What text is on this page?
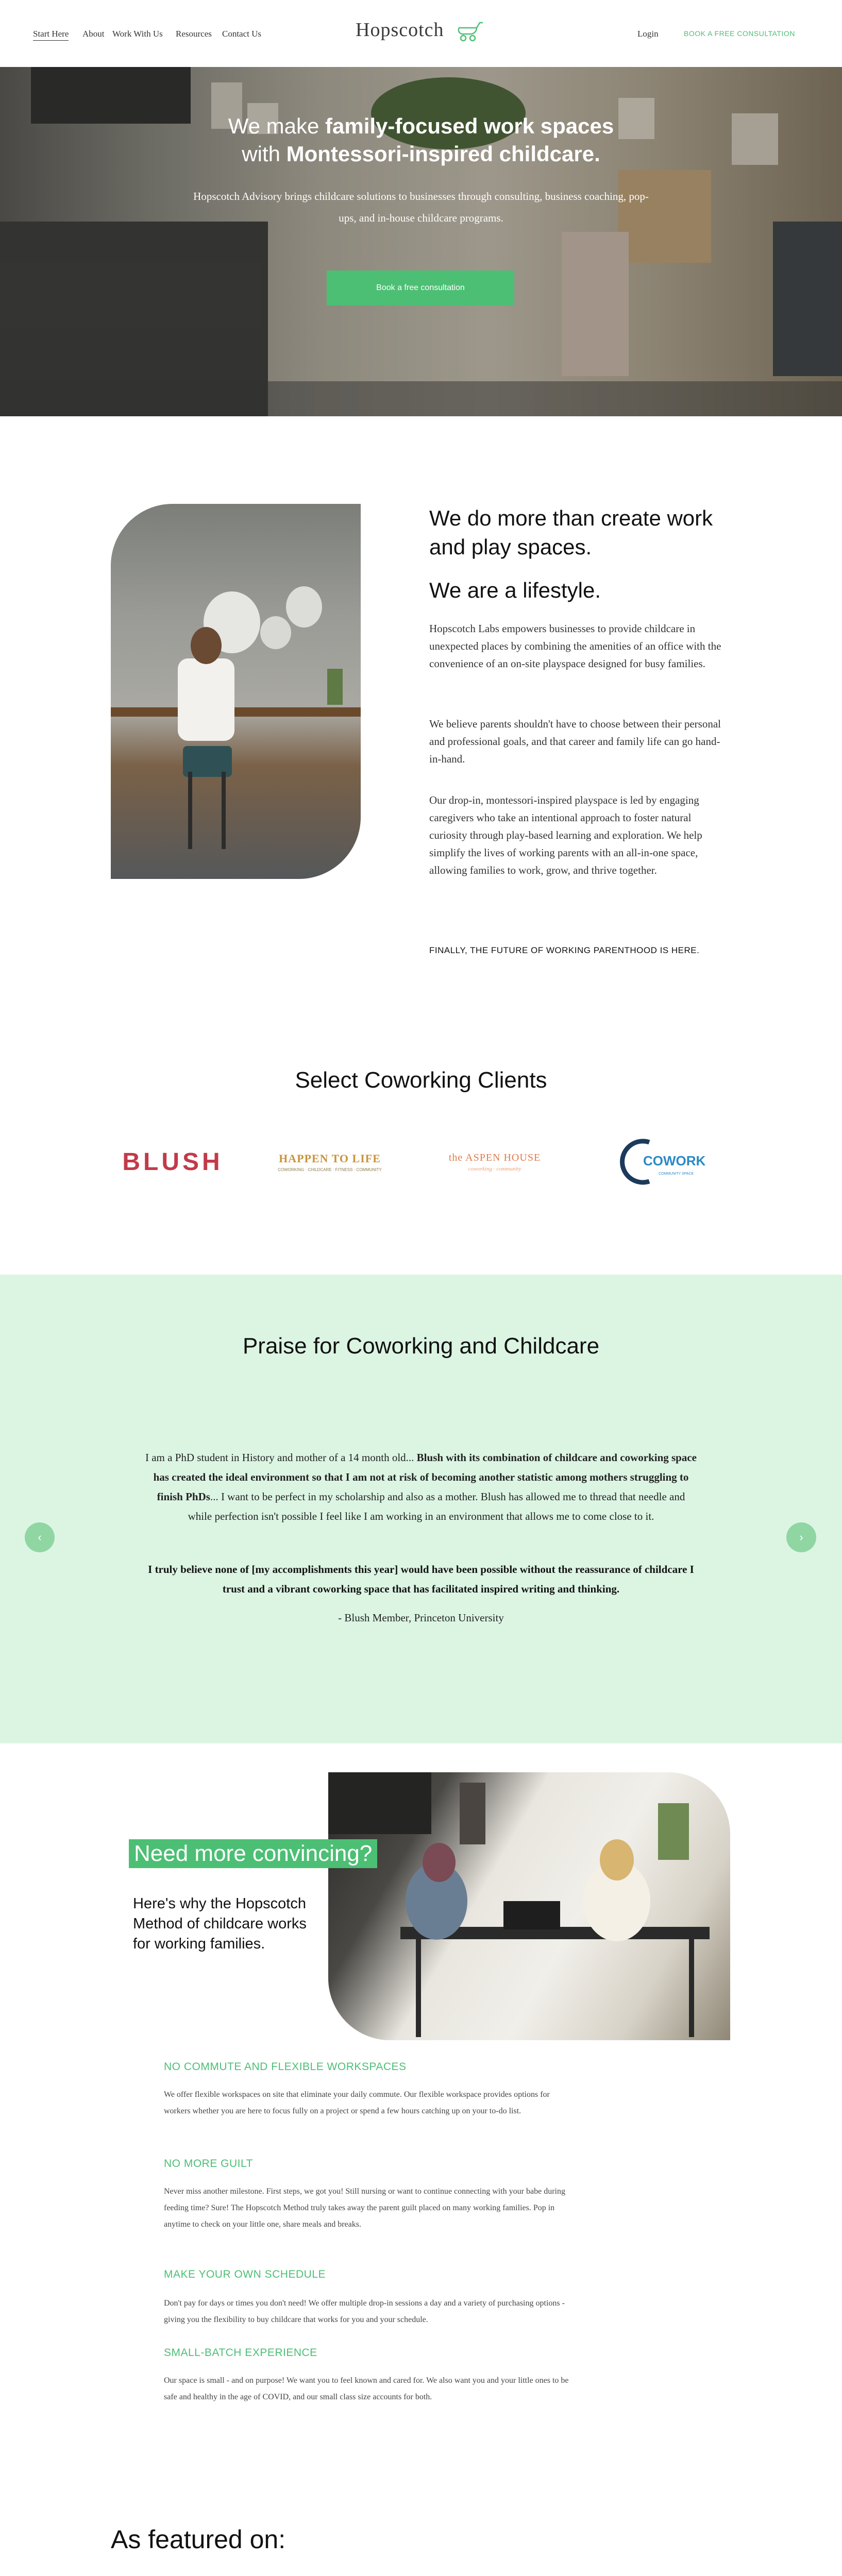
Start Here About Work With Us Resources Contact Us	Hopscotch	Login	BOOK A FREE CONSULTATION
We make family-focused work spaces
with Montessori-inspired childcare.
Hopscotch Advisory brings childcare solutions to businesses through consulting, business coaching, pop-ups, and in-house childcare programs.
Book a free consultation
We do more than create work and play spaces.
We are a lifestyle.

Hopscotch Labs empowers businesses to provide childcare in unexpected places by combining the amenities of an office with the convenience of an on-site playspace designed for busy families.

We believe parents shouldn't have to choose between their personal and professional goals, and that career and family life can go hand-in-hand.

Our drop-in, montessori-inspired playspace is led by engaging caregivers who take an intentional approach to foster natural curiosity through play-based learning and exploration. We help simplify the lives of working parents with an all-in-one space, allowing families to work, grow, and thrive together.

FINALLY, THE FUTURE OF WORKING PARENTHOOD IS HERE.
Select Coworking Clients
BLUSH	HAPPEN TO LIFE
COWORKING · CHILDCARE · FITNESS · COMMUNITY
the ASPEN HOUSE
coworking · community
COWORK
COMMUNITY SPACE
Praise for Coworking and Childcare
I am a PhD student in History and mother of a 14 month old... Blush with its combination of childcare and coworking space has created the ideal environment so that I am not at risk of becoming another statistic among mothers struggling to finish PhDs... I want to be perfect in my scholarship and also as a mother. Blush has allowed me to thread that needle and while perfection isn't possible I feel like I am working in an environment that allows me to come close to it.
I truly believe none of [my accomplishments this year] would have been possible without the reassurance of childcare I trust and a vibrant coworking space that has facilitated inspired writing and thinking.
- Blush Member, Princeton University
‹	›
Need more convincing?
Here's why the Hopscotch Method of childcare works for working families.
NO COMMUTE AND FLEXIBLE WORKSPACES

We offer flexible workspaces on site that eliminate your daily commute. Our flexible workspace provides options for workers whether you are here to focus fully on a project or spend a few hours catching up on your to-do list.

NO MORE GUILT

Never miss another milestone. First steps, we got you! Still nursing or want to continue connecting with your babe during feeding time? Sure! The Hopscotch Method truly takes away the parent guilt placed on many working families. Pop in anytime to check on your little one, share meals and breaks.

MAKE YOUR OWN SCHEDULE

Don't pay for days or times you don't need! We offer multiple drop-in sessions a day and a variety of purchasing options - giving you the flexibility to buy childcare that works for you and your schedule.

SMALL-BATCH EXPERIENCE

Our space is small - and on purpose! We want you to feel known and cared for. We also want you and your little ones to be safe and healthy in the age of COVID, and our small class size accounts for both.

As featured on:
